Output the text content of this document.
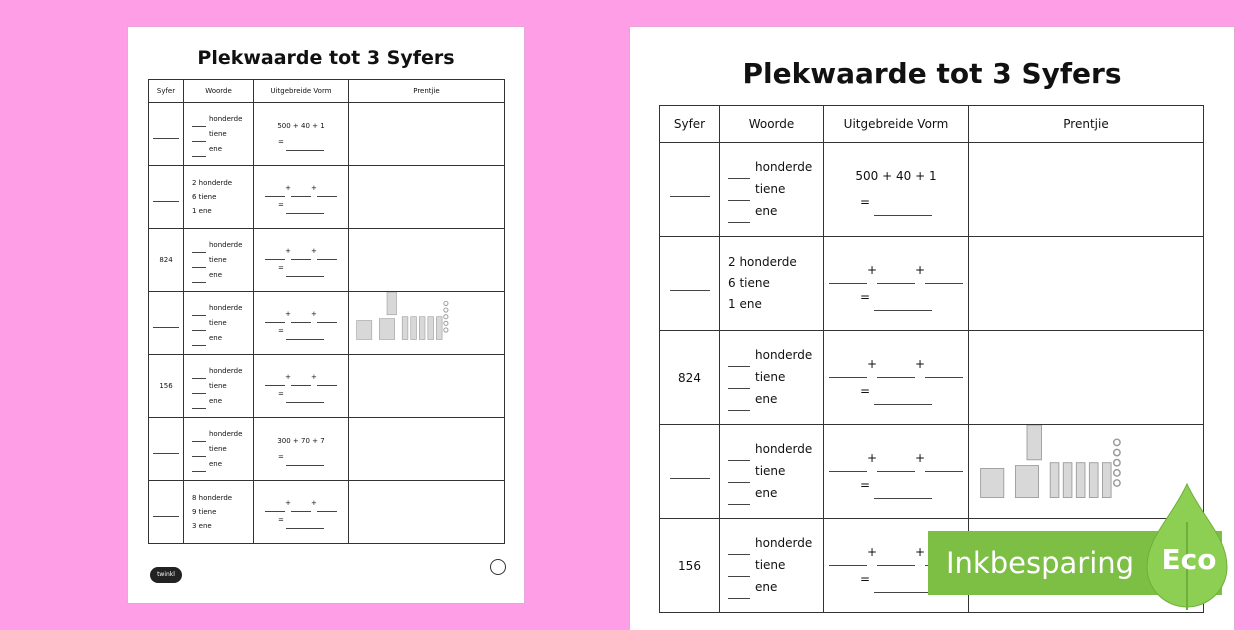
Plekwaarde tot 3 Syfers
Syfer	Woorde	Uitgebreide Vorm	Prentjie

	honderde
tiene
ene	500 + 40 + 1
=	

	2 honderde
6 tiene
1 ene	+ +
=	

824	honderde
tiene
ene	+ +
=	

	honderde
tiene
ene	+ +
=

156	honderde
tiene
ene	+ +
=	

	honderde
tiene
ene	300 + 70 + 7
=	

	8 honderde
9 tiene
3 ene	+ +
=	

twinkl
Plekwaarde tot 3 Syfers
Syfer	Woorde	Uitgebreide Vorm	Prentjie

	honderde
tiene
ene	500 + 40 + 1
=	

	2 honderde
6 tiene
1 ene	+ +
=	

824	honderde
tiene
ene	+ +
=	

	honderde
tiene
ene	+ +
=

156	honderde
tiene
ene	+ +
=	
		Inkbesparing Eco
